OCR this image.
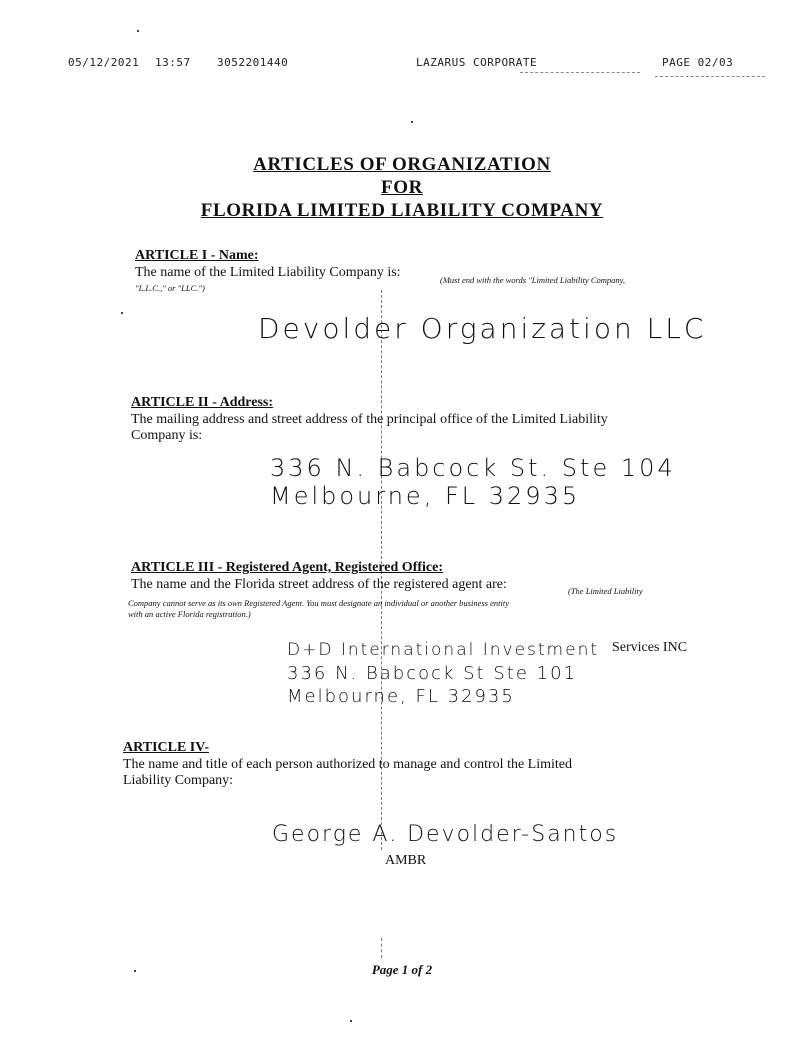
05/12/2021 13:57 3052201440	LAZARUS CORPORATE	PAGE 02/03
ARTICLES OF ORGANIZATION
FOR
FLORIDA LIMITED LIABILITY COMPANY
ARTICLE I - Name:
The name of the Limited Liability Company is:	(Must end with the words "Limited Liability Company,
"L.L.C.," or "LLC.")
Devolder Organization LLC
ARTICLE II - Address:
The mailing address and street address of the principal office of the Limited Liability
Company is:
336 N. Babcock St. Ste 104
Melbourne, FL 32935
ARTICLE III - Registered Agent, Registered Office:
The name and the Florida street address of the registered agent are:	(The Limited Liability
Company cannot serve as its own Registered Agent. You must designate an individual or another business entity
with an active Florida registration.)
D+D International Investment Services INC
336 N. Babcock St Ste 101
Melbourne, FL 32935
ARTICLE IV-
The name and title of each person authorized to manage and control the Limited
Liability Company:
George A. Devolder-Santos
AMBR
Page 1 of 2
